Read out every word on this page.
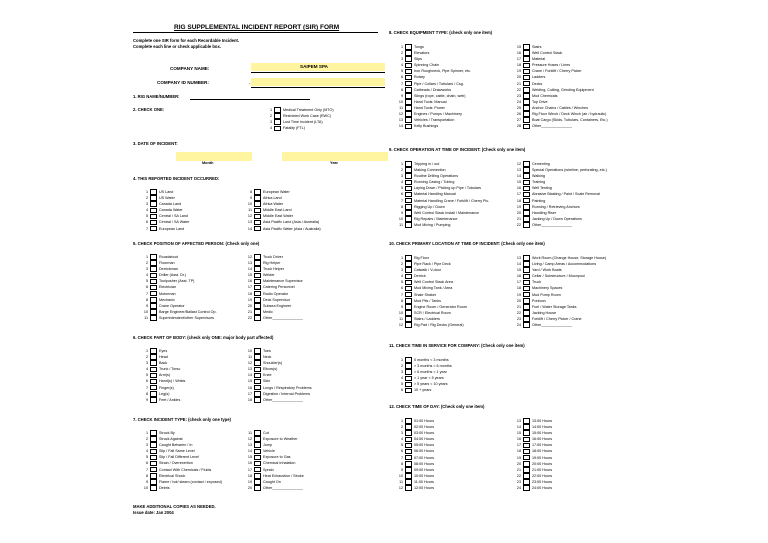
RIG SUPPLEMENTAL INCIDENT REPORT (SIR) FORM
Complete one SIR form for each Recordable Incident.
Complete each line or check applicable box.
COMPANY NAME:	SAIPEM SPA
COMPANY ID NUMBER:	-
1. RIG NAME/NUMBER:
2. CHECK ONE:	1	Medical Treatment Only (MTO)
2	Restricted Work Case (RWC)
3	Lost Time Incident (LTA)
4	Fatality (FTL)
3. DATE OF INCIDENT:
Month	Year
4. THIS REPORTED INCIDENT OCCURRED:
1	US Land
2	US Water
3	Canada Land
4	Canada Water
5	Central / SA Land
6	Central / SA Water
7	European Land
8	European Water
9	Africa Land
10	Africa Water
11	Middle East Land
12	Middle East Water
13	Asia Pacific Land (Asia / Australia)
14	Asia Pacific Water (Asia / Australia)
5. CHECK POSITION OF AFFECTED PERSON: (Check only one)
1	Roustabout
2	Floorman
3	Derrickman
4	Driller (Asst. Dr.)
5	Toolpusher (Asst. TP)
6	Electrician
7	Motorman
8	Mechanic
9	Crane Operator
10	Barge Engineer/Ballast Control Op.
11	Superintendent/other Supervisors
12	Truck Driver
13	Rig Helper
14	Truck Helper
15	Welder
16	Maintenance Supervisor
17	Catering Personnel
18	Radio Operator
19	Deck Supervisor
20	Subsea Engineer
21	Medic
22	Other_______________
6. CHECK PART OF BODY: (check only ONE: major body part affected)
1	Eyes
2	Head
3	Back
4	Trunk / Torso
5	Arm(s)
6	Hand(s) / Wrists
7	Finger(s)
8	Leg(s)
9	Feet / Ankles
10	Toes
11	Neck
12	Shoulder(s)
13	Elbow(s)
14	Knee
15	Skin
16	Lungs / Respiratory Problems
17	Digestive / Internal Problems
18	Other_______________
7. CHECK INCIDENT TYPE: (check only one type)
1	Struck By
2	Struck Against
3	Caught Between / In
4	Slip / Fall Same Level
5	Slip / Fall Different Level
6	Strain / Overexertion
7	Contact With Chemicals / Fluids
8	Electrical Shock
9	Flame / hot/ steam (contact / exposed)
10	Debris
11	Cut
12	Exposure to Weather
13	Jump
14	Vehicle
15	Exposure to Gas
16	Chemical Inhalation
17	Sprain
18	Heat Exhaustion / Stroke
19	Caught On
20	Other_______________
MAKE ADDITIONAL COPIES AS NEEDED.
Issue date: Jan 2004
8. CHECK EQUIPMENT TYPE: (check only one item)
1	Tongs
2	Elevators
3	Slips
4	Spinning Chain
5	Iron Roughneck, Pipe Spinner, etc.
6	Rotary
7	Pipe / Collars / Tubulars / Csg.
8	Catheads / Drawworks
9	Slings (rope, cable, chain, web)
10	Hand Tools: Manual
11	Hand Tools: Power
12	Engines / Pumps / Machinery
13	Vehicles / Transportation
14	Kelly Bushings
15	Stairs
16	Well Control Stack
17	Material
18	Pressure Hoses / Lines
19	Crane / Forklift / Cherry Picker
20	Ladders
21	Decks
22	Welding, Cutting, Grinding Equipment
23	Mud Chemicals
24	Top Drive
25	Anchor Chains / Cables / Winches
26	Rig Floor Winch / Deck Winch (air / hydraulic)
27	Boat Cargo (Skids, Tubulars, Containers, Etc.)
28	Other_______________
9. CHECK OPERATION AT TIME OF INCIDENT: (Check only one item)
1	Tripping in / out
2	Making Connection
3	Routine Drilling Operations
4	Running Casing / Tubing
5	Laying Down / Picking up Pipe / Tubulars
6	Material Handling Manual
7	Material Handling Crane / Forklift / Cherry Pic.
8	Rigging Up / Down
9	Well Control Stack Install / Maintenance
10	Rig Repairs / Maintenance
11	Mud Mixing / Pumping
12	Cementing
13	Special Operations (wireline, perforating, etc.)
14	Walking
15	Training
16	Well Testing
17	Abrasive Blasting / Paint / Scale Removal
18	Painting
19	Running / Retrieving Anchors
20	Handling Riser
21	Jacking Up / Down Operations
22	Other_______________
10. CHECK PRIMARY LOCATION AT TIME OF INCIDENT: (Check only one item)
1	Rig Floor
2	Pipe Rack / Pipe Deck
3	Catwalk / V-door
4	Derrick
5	Well Control Stack Area
6	Mud Mixing Tank / Area
7	Shale Shaker
8	Mud Pits / Tanks
9	Engine Room / Generator Room
10	SCR / Electrical Room
11	Stairs / Ladders
12	Rig Pad / Rig Decks (General)
13	Work Room (Change House, Storage House)
14	Living / Camp Areas / Accommodations
15	Yard / Work Boats
16	Cellar / Substructure / Moonpool
17	Truck
18	Machinery Spaces
19	Mud Pump Room
20	Pontoon
21	Fuel / Water Storage Tanks
22	Jacking House
23	Forklift / Cherry Picker / Crane
24	Other_______________
11. CHECK TIME IN SERVICE FOR COMPANY: (Check only one item)
1	0 months < 3 months
2	> 3 months < 6 months
3	> 6 months < 1 year
4	> 1 year < 5 years
5	> 5 years < 10 years
6	10 + years
12. CHECK TIME OF DAY: (Check only one item)
1	01:00 Hours
2	02:00 Hours
3	03:00 Hours
4	04:00 Hours
5	05:00 Hours
6	06:00 Hours
7	07:00 Hours
8	08:00 Hours
9	09:00 Hours
10	10:00 Hours
11	11:00 Hours
12	12:00 Hours
13	13:00 Hours
14	14:00 Hours
15	15:00 Hours
16	16:00 Hours
17	17:00 Hours
18	18:00 Hours
19	19:00 Hours
20	20:00 Hours
21	21:00 Hours
22	22:00 Hours
23	23:00 Hours
24	24:00 Hours
